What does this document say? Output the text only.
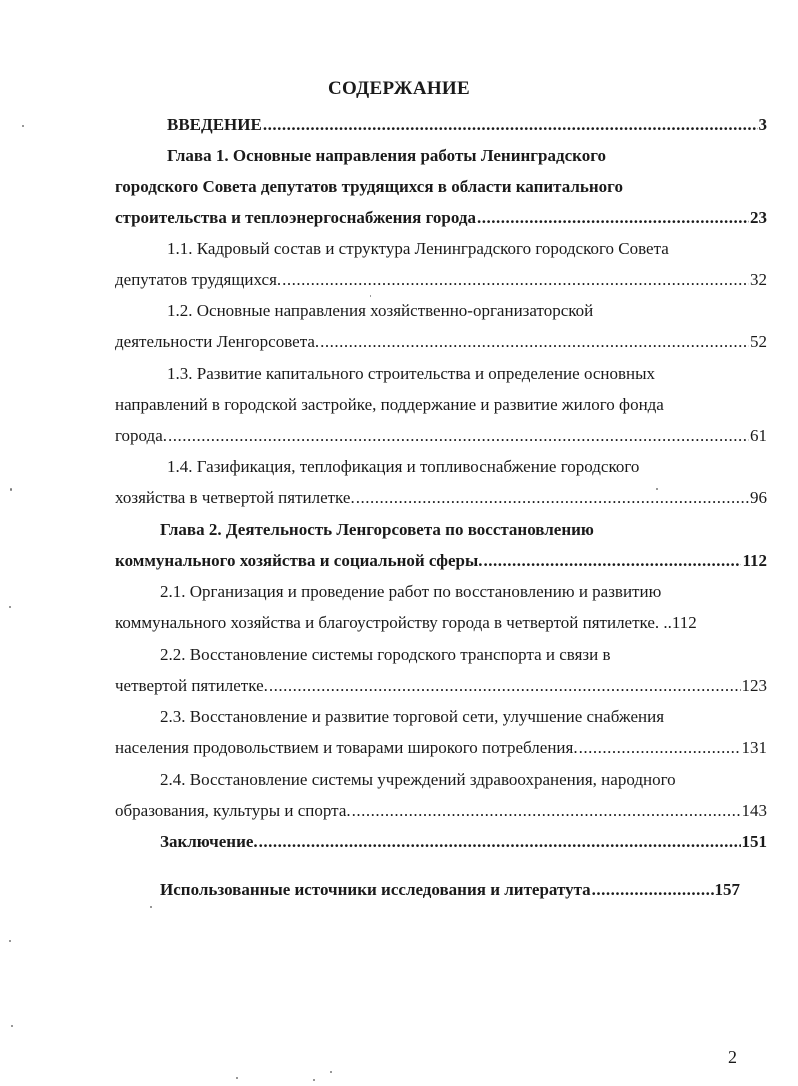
СОДЕРЖАНИЕ
ВВЕДЕНИЕ .....	3
Глава 1. Основные направления работы Ленинградского
городского Совета депутатов трудящихся в области капитального
строительства и теплоэнергоснабжения города .....	23
1.1. Кадровый состав и структура Ленинградского городского Совета
депутатов трудящихся. .....	32
1.2. Основные направления хозяйственно-организаторской
деятельности Ленгорсовета. .....	52
1.3. Развитие капитального строительства и определение основных
направлений в городской застройке, поддержание и развитие жилого фонда
города. .....	61
1.4. Газификация, теплофикация и топливоснабжение городского
хозяйства в четвертой пятилетке. .....	96
Глава 2. Деятельность Ленгорсовета по восстановлению
коммунального хозяйства и социальной сферы. .....	112
2.1. Организация и проведение работ по восстановлению и развитию
коммунального хозяйства и благоустройству города в четвертой пятилетке. .. 112
2.2. Восстановление системы городского транспорта и связи в
четвертой пятилетке. .....	123
2.3. Восстановление и развитие торговой сети, улучшение снабжения
населения продовольствием и товарами широкого потребления. .....	131
2.4. Восстановление системы учреждений здравоохранения, народного
образования, культуры и спорта. .....	143
Заключение. .....	151
Использованные источники исследования и литератута .....	157
2
